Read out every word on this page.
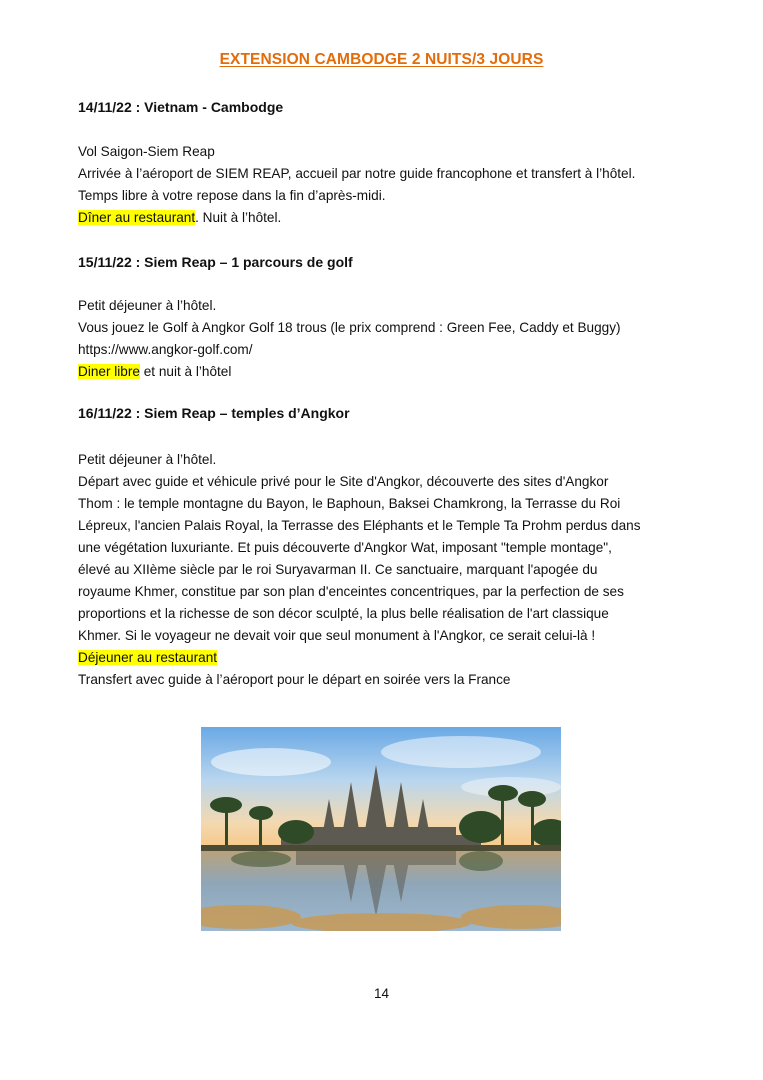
EXTENSION CAMBODGE 2 NUITS/3 JOURS
14/11/22 : Vietnam - Cambodge

Vol Saigon-Siem Reap

Arrivée à l’aéroport de SIEM REAP, accueil par notre guide francophone et transfert à l’hôtel.

Temps libre à votre repose dans la fin d’après-midi.

Dîner au restaurant. Nuit à l’hôtel.

15/11/22 : Siem Reap – 1 parcours de golf

Petit déjeuner à l’hôtel.

Vous jouez le Golf à Angkor Golf 18 trous (le prix comprend : Green Fee, Caddy et Buggy)

https://www.angkor-golf.com/

Diner libre et nuit à l’hôtel

16/11/22 : Siem Reap – temples d’Angkor

Petit déjeuner à l’hôtel.

Départ avec guide et véhicule privé pour le Site d'Angkor, découverte des sites d'Angkor

Thom : le temple montagne du Bayon, le Baphoun, Baksei Chamkrong, la Terrasse du Roi

Lépreux, l'ancien Palais Royal, la Terrasse des Eléphants et le Temple Ta Prohm perdus dans

une végétation luxuriante. Et puis découverte d'Angkor Wat, imposant "temple montage",

élevé au XIIème siècle par le roi Suryavarman II. Ce sanctuaire, marquant l'apogée du

royaume Khmer, constitue par son plan d'enceintes concentriques, par la perfection de ses

proportions et la richesse de son décor sculpté, la plus belle réalisation de l'art classique

Khmer. Si le voyageur ne devait voir que seul monument à l'Angkor, ce serait celui-là !

Déjeuner au restaurant

Transfert avec guide à l’aéroport pour le départ en soirée vers la France

14
